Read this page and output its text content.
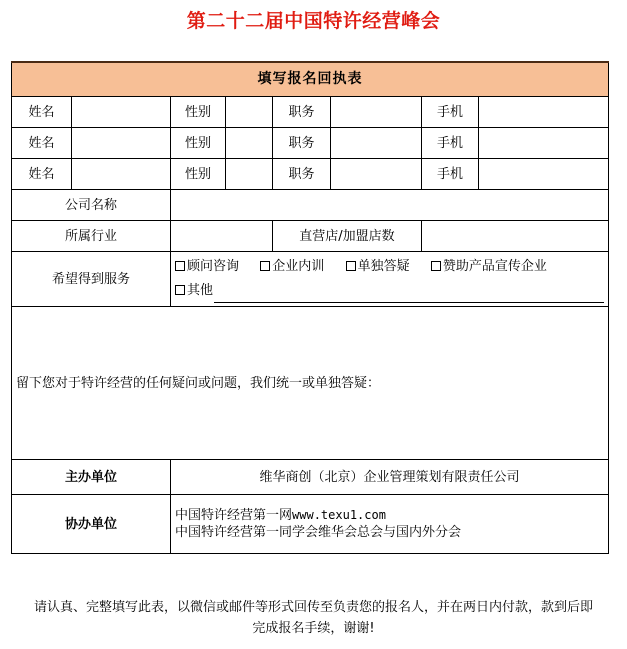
第二十二届中国特许经营峰会
填写报名回执表							
姓名		性别		职务		手机	
姓名		性别		职务		手机	
姓名		性别		职务		手机	
公司名称							
所属行业				直营店/加盟店数			
希望得到服务		顾问咨询 企业内训 单独答疑 赞助产品宣传企业
其他					

留下您对于特许经营的任何疑问或问题，我们统一或单独答疑：							

主办单位		维华商创（北京）企业管理策划有限责任公司					
协办单位		中国特许经营第一网www.texu1.com
中国特许经营第一同学会维华会总会与国内外分会					
请认真、完整填写此表，以微信或邮件等形式回传至负责您的报名人，并在两日内付款，款到后即完成报名手续，谢谢!
